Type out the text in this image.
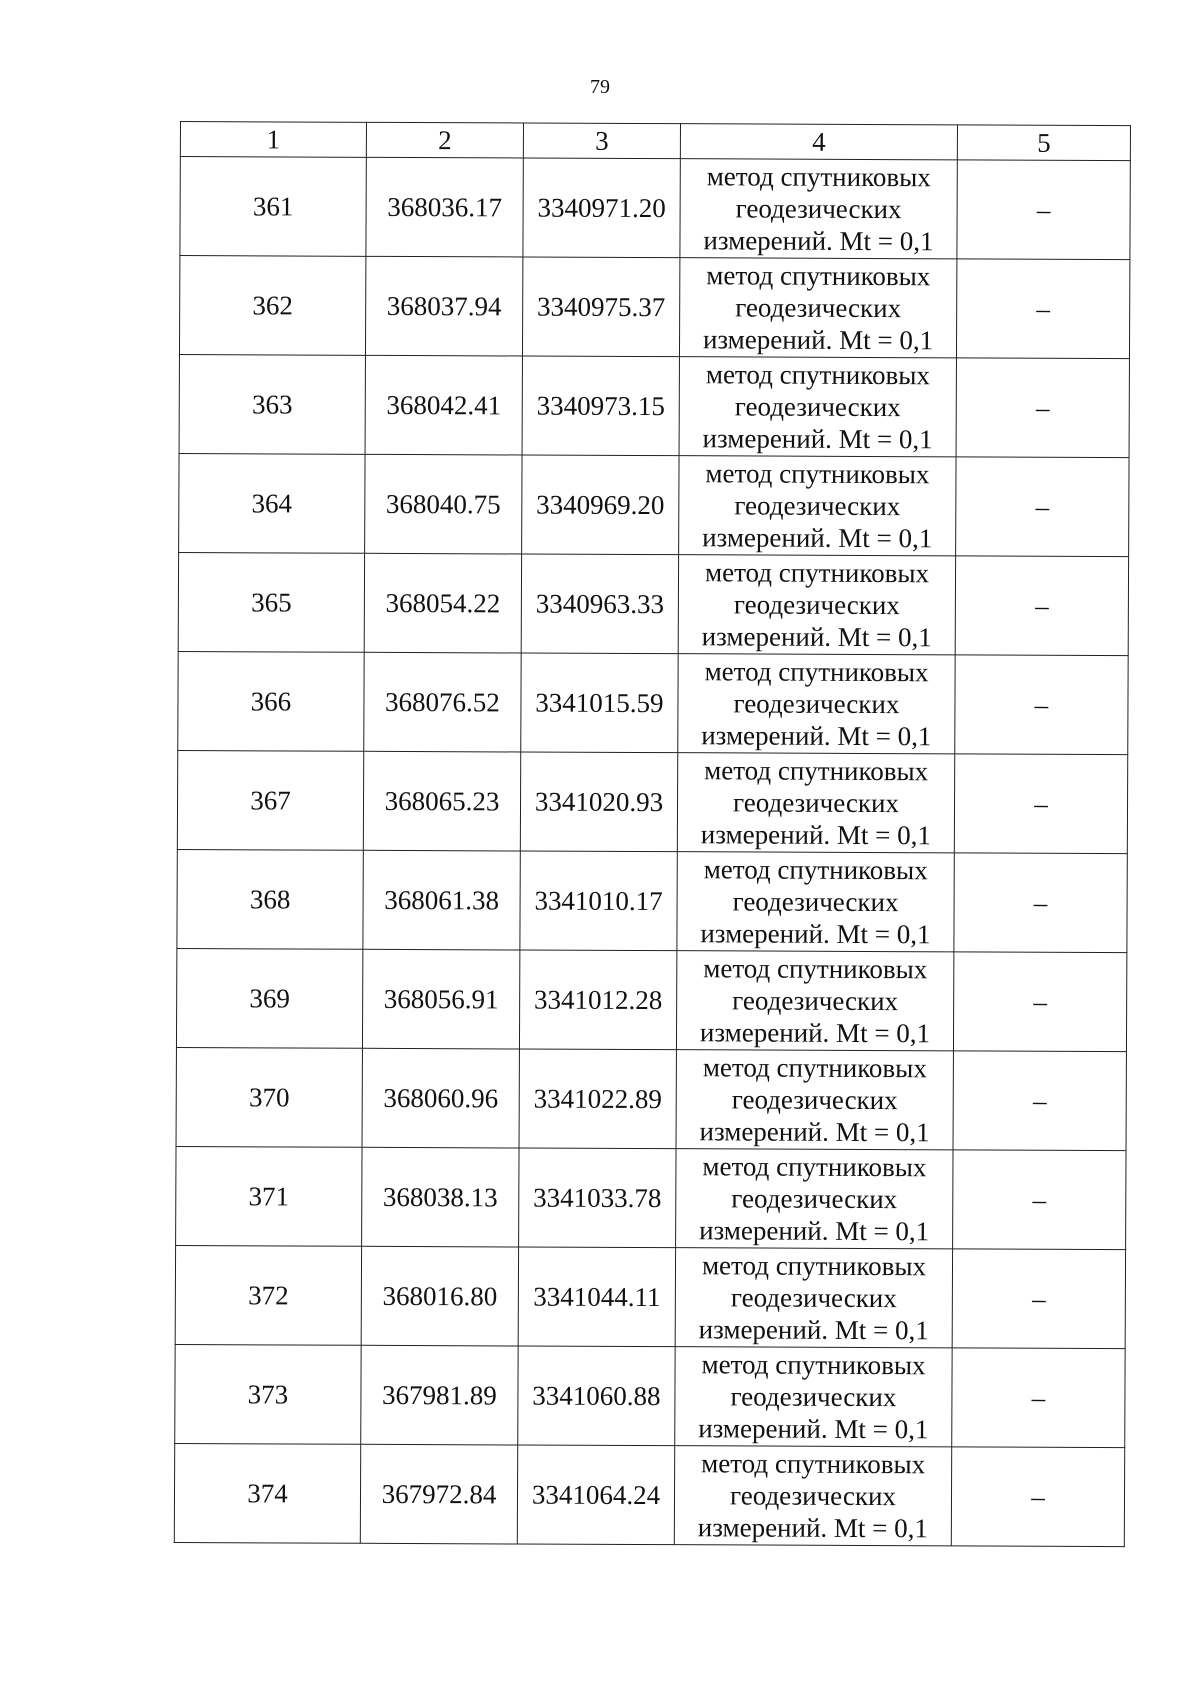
79
1	2	3	4	5
361	368036.17	3340971.20	метод спутниковых
геодезических
измерений. Mt = 0,1	–
362	368037.94	3340975.37	метод спутниковых
геодезических
измерений. Mt = 0,1	–
363	368042.41	3340973.15	метод спутниковых
геодезических
измерений. Mt = 0,1	–
364	368040.75	3340969.20	метод спутниковых
геодезических
измерений. Mt = 0,1	–
365	368054.22	3340963.33	метод спутниковых
геодезических
измерений. Mt = 0,1	–
366	368076.52	3341015.59	метод спутниковых
геодезических
измерений. Mt = 0,1	–
367	368065.23	3341020.93	метод спутниковых
геодезических
измерений. Mt = 0,1	–
368	368061.38	3341010.17	метод спутниковых
геодезических
измерений. Mt = 0,1	–
369	368056.91	3341012.28	метод спутниковых
геодезических
измерений. Mt = 0,1	–
370	368060.96	3341022.89	метод спутниковых
геодезических
измерений. Mt = 0,1	–
371	368038.13	3341033.78	метод спутниковых
геодезических
измерений. Mt = 0,1	–
372	368016.80	3341044.11	метод спутниковых
геодезических
измерений. Mt = 0,1	–
373	367981.89	3341060.88	метод спутниковых
геодезических
измерений. Mt = 0,1	–
374	367972.84	3341064.24	метод спутниковых
геодезических
измерений. Mt = 0,1	–
